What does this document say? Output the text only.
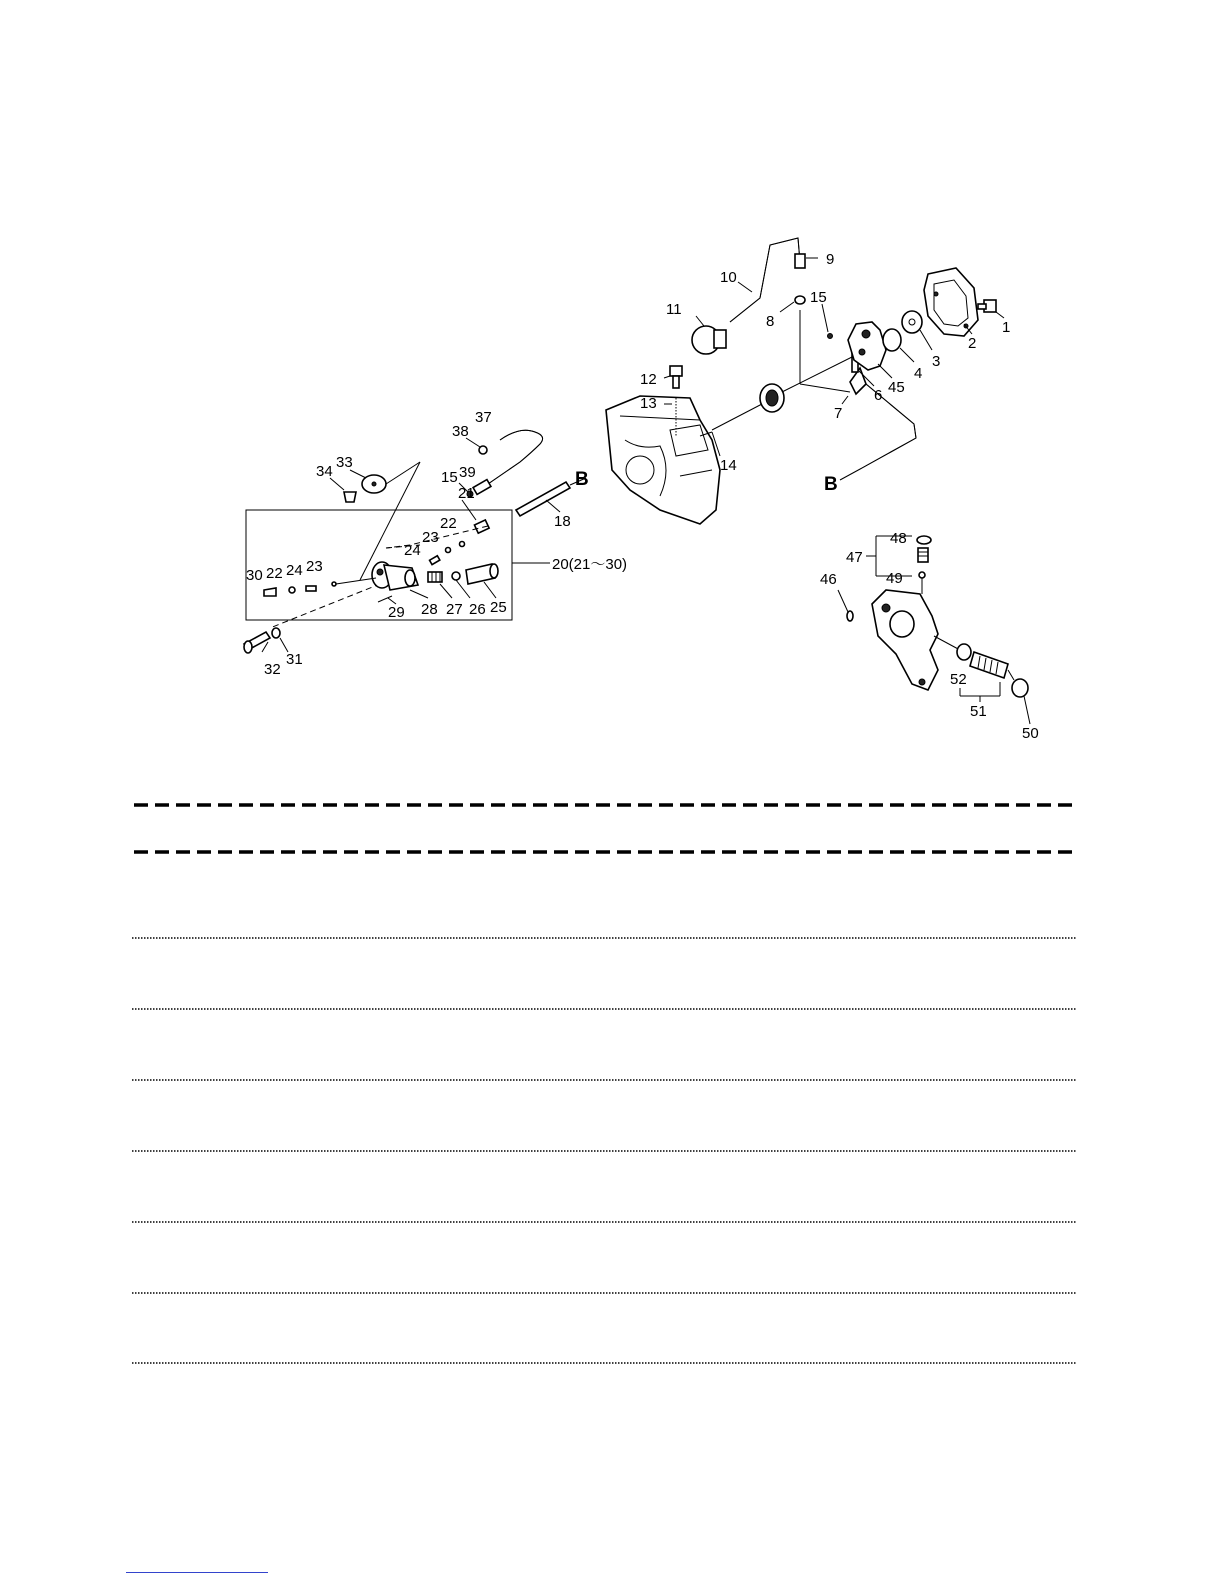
1
2
3
4
45
6
7
8
9
10
11
12
13
14
15
15
18
20(21～30)
21
22
23
24
30 22 24 23
29 28 27 26 25
31
32
33
34
37
38
39
46
47
48
49
50
51
52
B	B
